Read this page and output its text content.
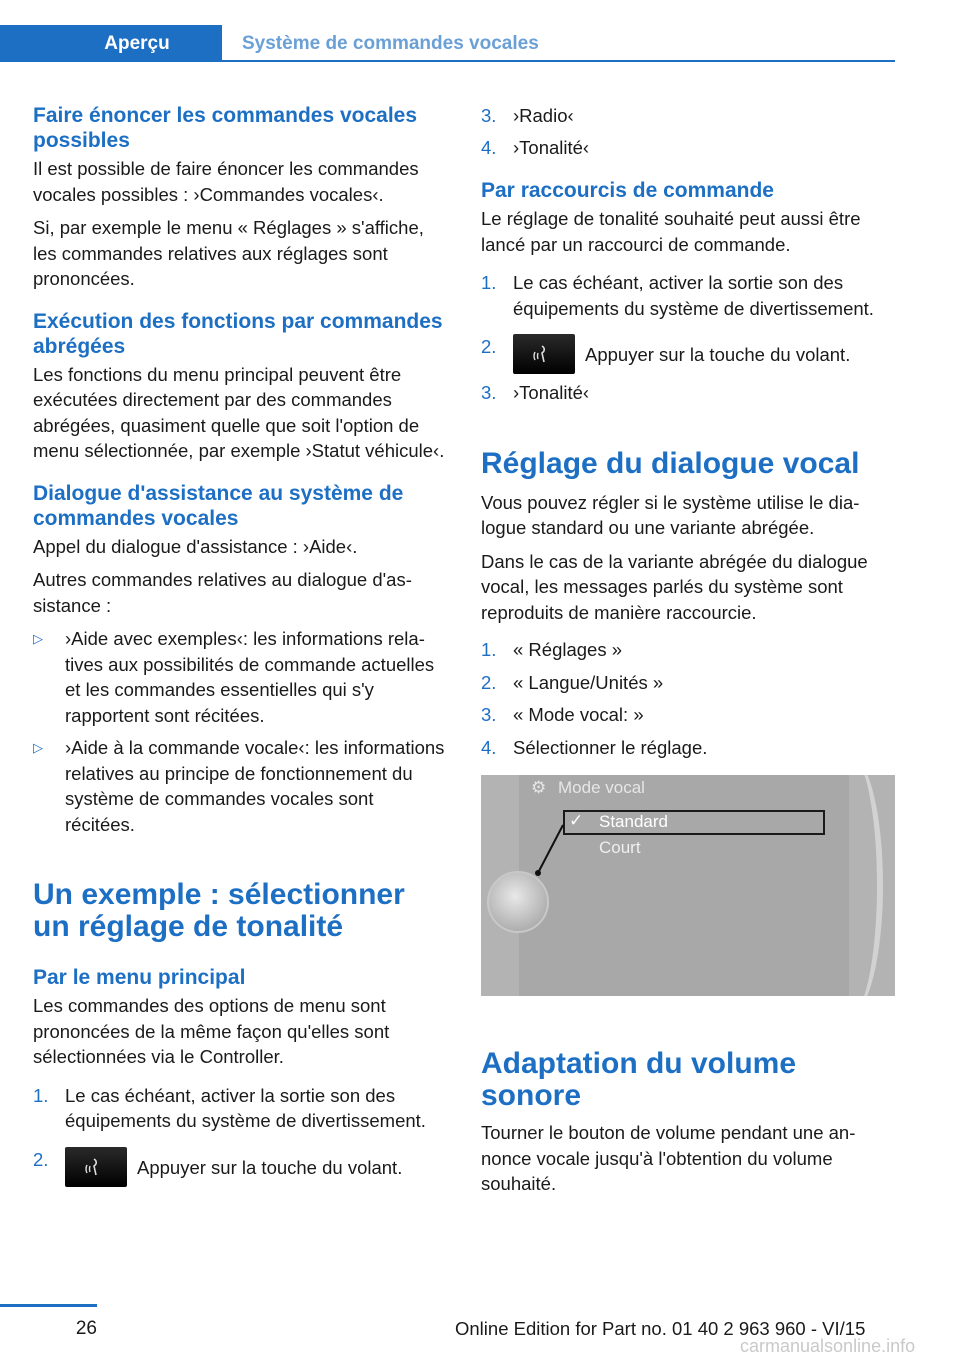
Aperçu	Système de commandes vocales
Faire énoncer les commandes vocales possibles

Il est possible de faire énoncer les commandes vocales possibles : ›Commandes vocales‹.

Si, par exemple le menu « Réglages » s'affiche, les commandes relatives aux réglages sont prononcées.

Exécution des fonctions par commandes abrégées

Les fonctions du menu principal peuvent être exécutées directement par des commandes abrégées, quasiment quelle que soit l'option de menu sélectionnée, par exemple ›Statut véhicule‹.

Dialogue d'assistance au système de commandes vocales

Appel du dialogue d'assistance : ›Aide‹.

Autres commandes relatives au dialogue d'assistance :

▷	›Aide avec exemples‹: les informations relatives aux possibilités de commande actuelles et les commandes essentielles qui s'y rapportent sont récitées.
▷	›Aide à la commande vocale‹: les informations relatives au principe de fonctionnement du système de commandes vocales sont récitées.
Un exemple : sélectionner un réglage de tonalité
Par le menu principal

Les commandes des options de menu sont prononcées de la même façon qu'elles sont sélectionnées via le Controller.

1. Le cas échéant, activer la sortie son des équipements du système de divertissement.
2.	Appuyer sur la touche du volant.
3. ›Radio‹
4. ›Tonalité‹
Par raccourcis de commande

Le réglage de tonalité souhaité peut aussi être lancé par un raccourci de commande.

1. Le cas échéant, activer la sortie son des équipements du système de divertissement.
2.	Appuyer sur la touche du volant.
3. ›Tonalité‹
Réglage du dialogue vocal

Vous pouvez régler si le système utilise le dialogue standard ou une variante abrégée.

Dans le cas de la variante abrégée du dialogue vocal, les messages parlés du système sont reproduits de manière raccourcie.

1. « Réglages »
2. « Langue/Unités »
3. « Mode vocal: »
4. Sélectionner le réglage.
⚙ Mode vocal
✓ Standard
Court
Adaptation du volume sonore

Tourner le bouton de volume pendant une annonce vocale jusqu'à l'obtention du volume souhaité.

26	Online Edition for Part no. 01 40 2 963 960 - VI/15
carmanualsonline.info
